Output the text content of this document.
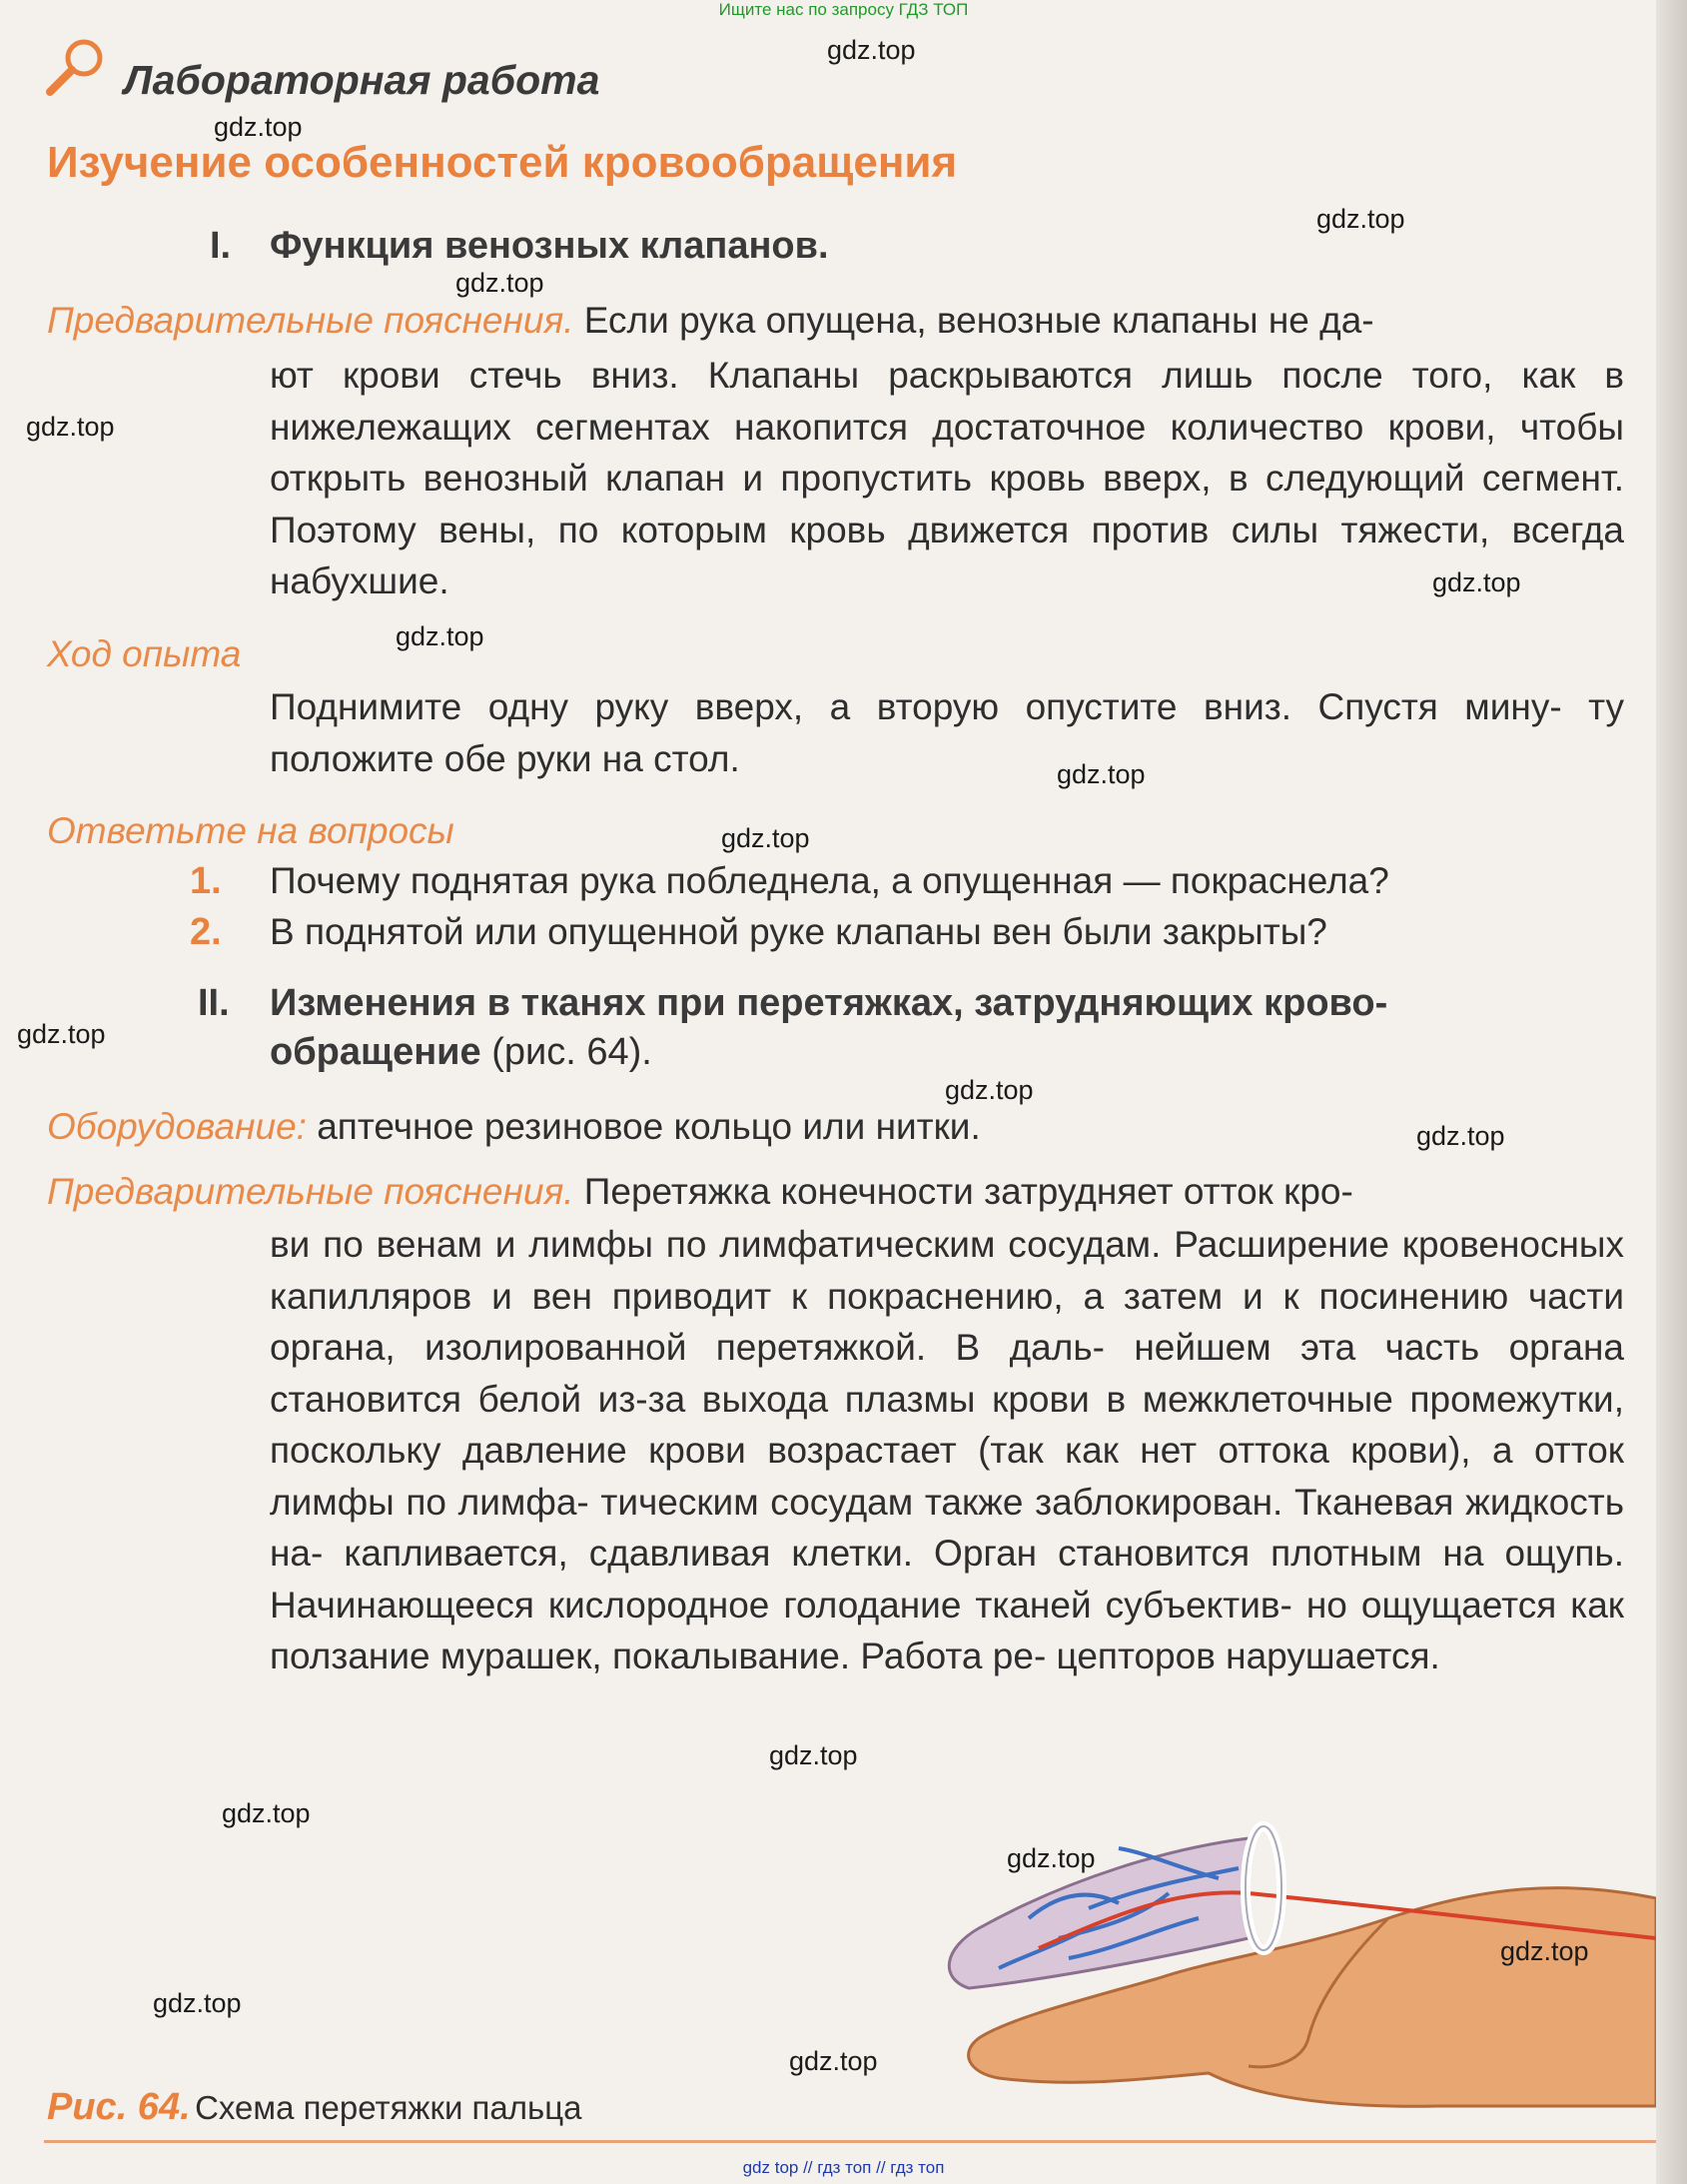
Ищите нас по запросу ГДЗ ТОП
Лабораторная работа
Изучение особенностей кровообращения
I. Функция венозных клапанов.
Предварительные пояснения. Если рука опущена, венозные клапаны не да-
ют крови стечь вниз. Клапаны раскрываются лишь после того, как в нижележащих сегментах накопится достаточное количество крови, чтобы открыть венозный клапан и пропустить кровь вверх, в следующий сегмент. Поэтому вены, по которым кровь движется против силы тяжести, всегда набухшие.
Ход опыта
Поднимите одну руку вверх, а вторую опустите вниз. Спустя мину- ту положите обе руки на стол.
Ответьте на вопросы
1. Почему поднятая рука побледнела, а опущенная — покраснела?
2. В поднятой или опущенной руке клапаны вен были закрыты?
II. Изменения в тканях при перетяжках, затрудняющих крово-
обращение (рис. 64).
Оборудование: аптечное резиновое кольцо или нитки.
Предварительные пояснения. Перетяжка конечности затрудняет отток кро-
ви по венам и лимфы по лимфатическим сосудам. Расширение кровеносных капилляров и вен приводит к покраснению, а затем и к посинению части органа, изолированной перетяжкой. В даль- нейшем эта часть органа становится белой из-за выхода плазмы крови в межклеточные промежутки, поскольку давление крови возрастает (так как нет оттока крови), а отток лимфы по лимфа- тическим сосудам также заблокирован. Тканевая жидкость на- капливается, сдавливая клетки. Орган становится плотным на ощупь. Начинающееся кислородное голодание тканей субъектив- но ощущается как ползание мурашек, покалывание. Работа ре- цепторов нарушается.
Рис. 64. Схема перетяжки пальца
gdz.top
gdz.top
gdz.top
gdz.top
gdz.top
gdz.top
gdz.top
gdz.top
gdz.top
gdz.top
gdz.top
gdz.top
gdz.top
gdz.top
gdz.top
gdz.top
gdz.top
gdz.top
gdz top // гдз топ // гдз топ
